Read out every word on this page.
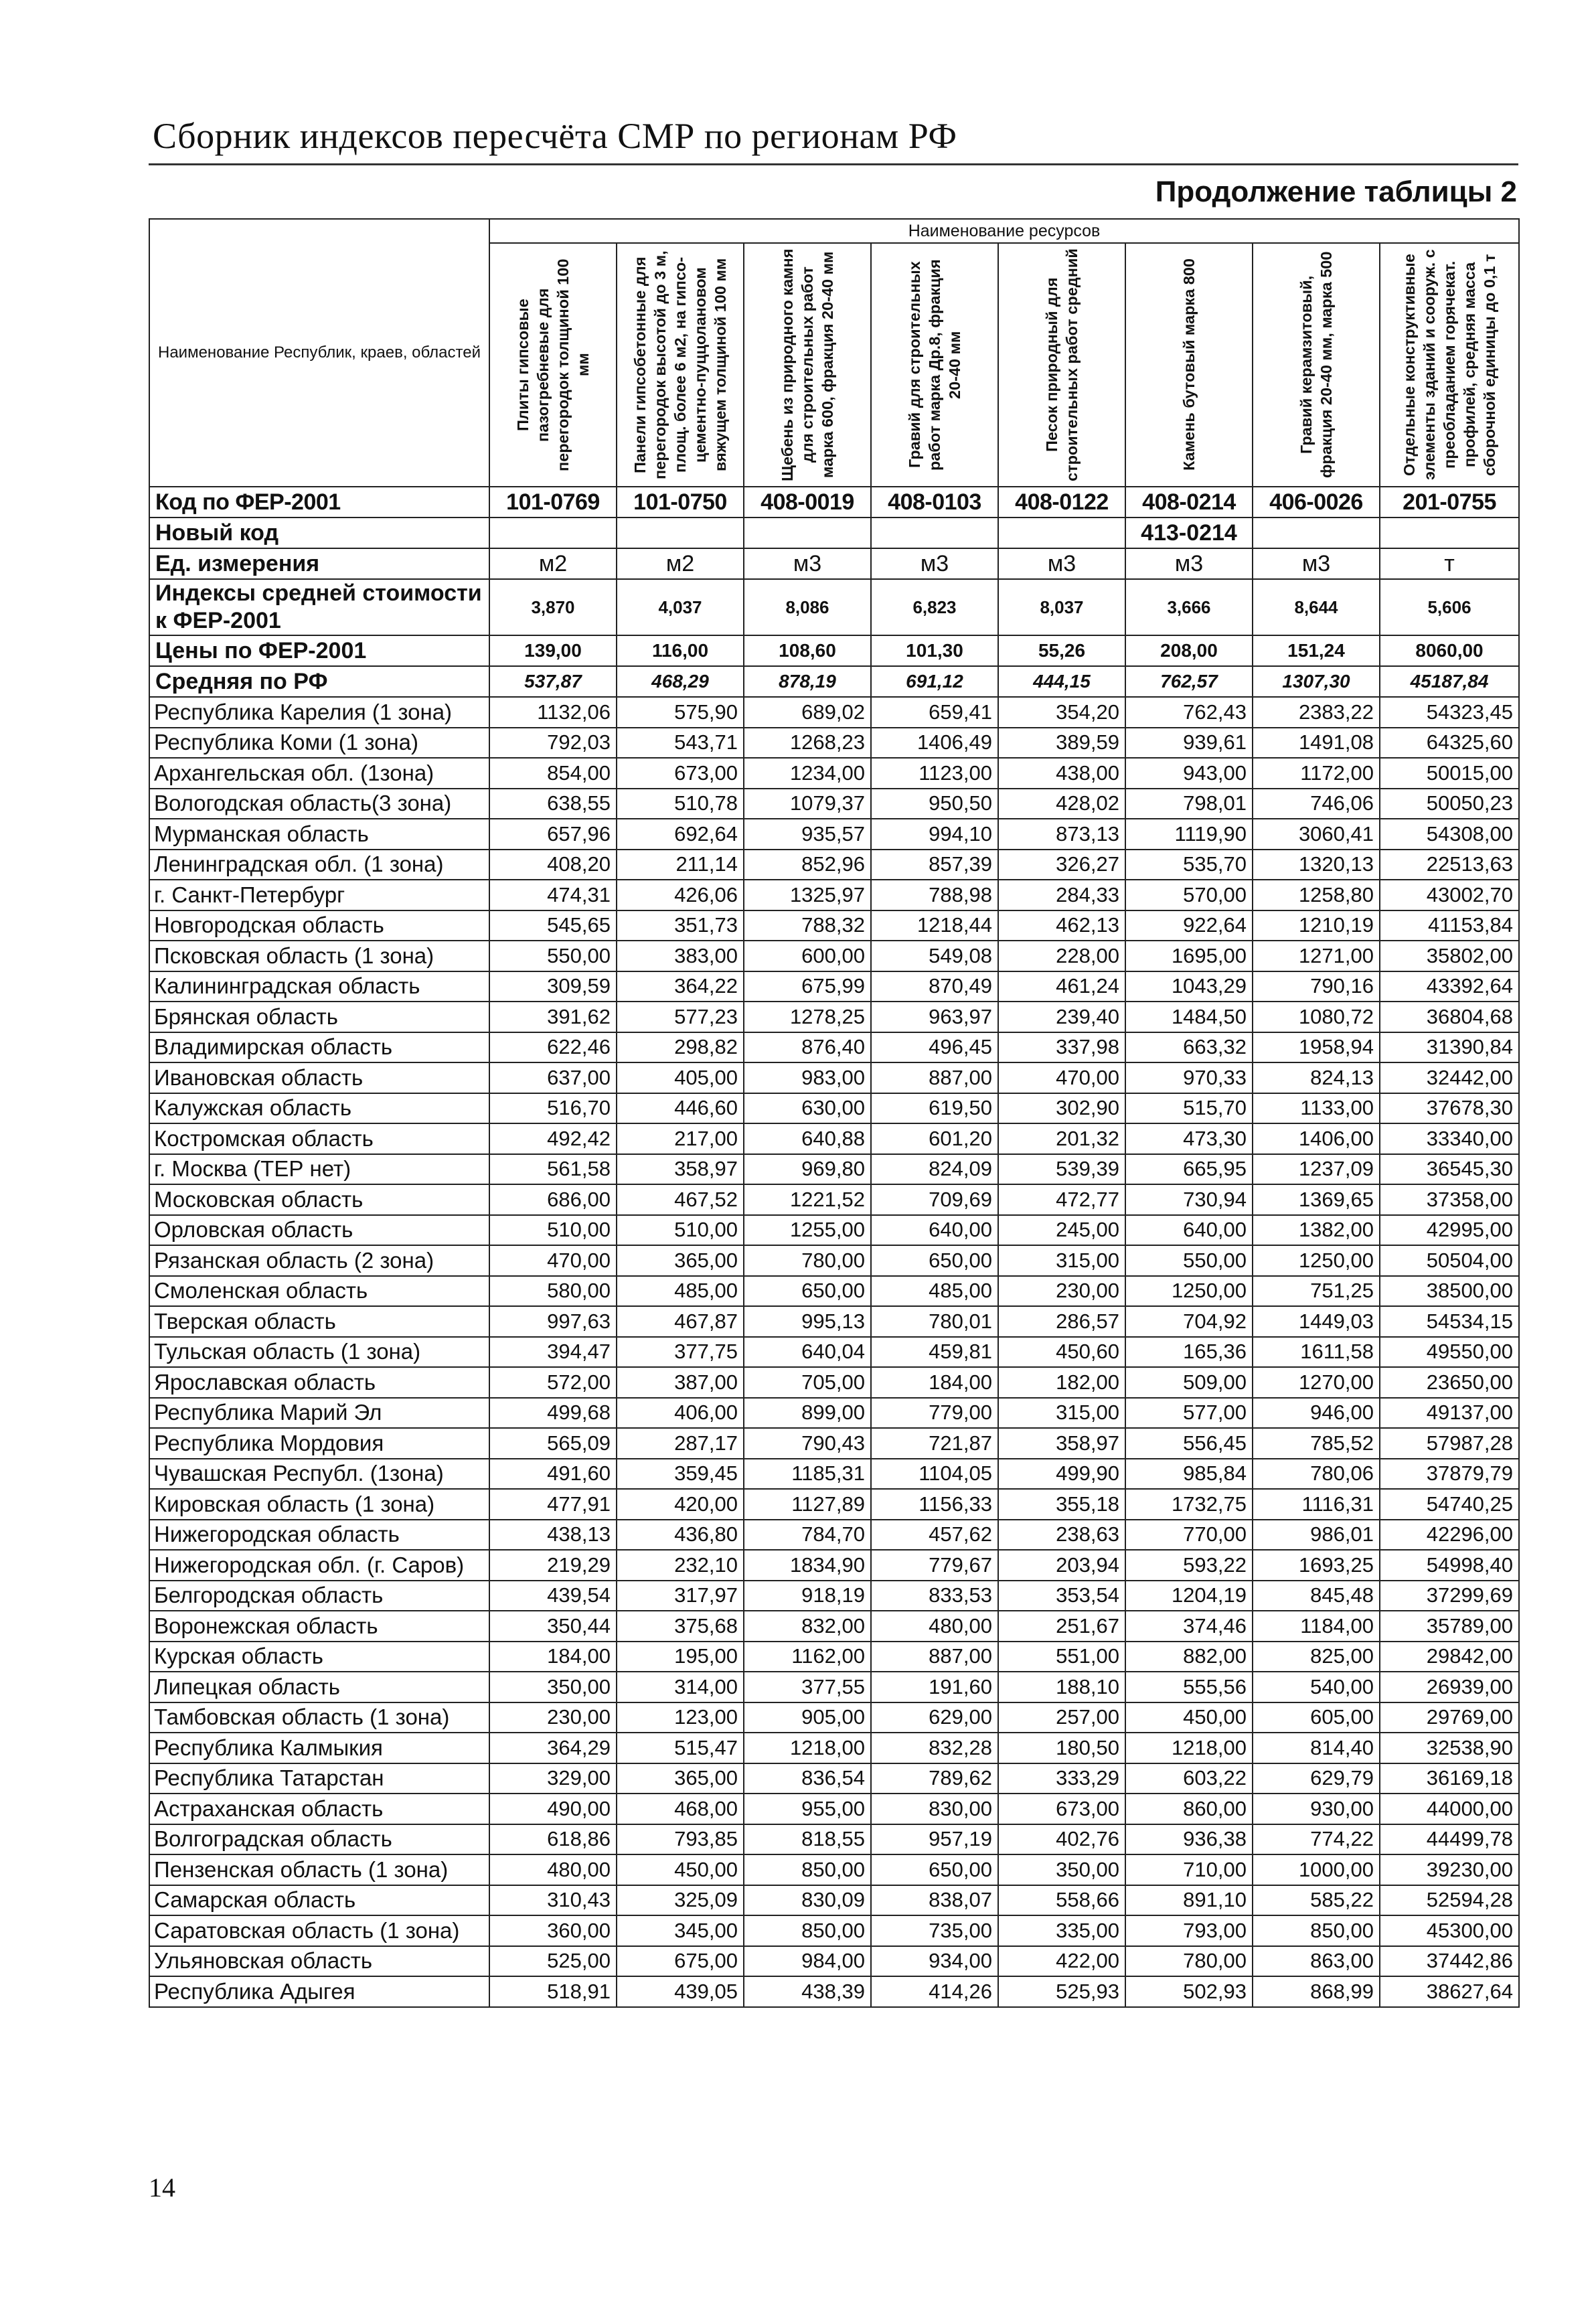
Сборник индексов пересчёта СМР по регионам РФ
Продолжение таблицы 2
Наименование Республик, краев, областей	Наименование ресурсов							

	Плиты гипсовые пазогребневые для перегородок толщиной 100 мм	Панели гипсобетонные для перегородок высотой до 3 м, площ. более 6 м2, на гипсо-цементно-пуццолановом вяжущем толщиной 100 мм	Щебень из природного камня для строительных работ марка 600, фракция 20-40 мм	Гравий для строительных работ марка Др.8, фракция 20-40 мм	Песок природный для строительных работ средний	Камень бутовый марка 800	Гравий керамзитовый, фракция 20-40 мм, марка 500	Отдельные конструктивные элементы зданий и сооруж. с преобладанием горячекат. профилей, средняя масса сборочной единицы до 0,1 т

Код по ФЕР-2001	101-0769	101-0750	408-0019	408-0103	408-0122	408-0214	406-0026	201-0755
Новый код						413-0214		
Ед. измерения	м2	м2	м3	м3	м3	м3	м3	т
Индексы средней стоимости к ФЕР-2001	3,870	4,037	8,086	6,823	8,037	3,666	8,644	5,606
Цены по ФЕР-2001	139,00	116,00	108,60	101,30	55,26	208,00	151,24	8060,00
Средняя по РФ	537,87	468,29	878,19	691,12	444,15	762,57	1307,30	45187,84
Республика Карелия (1 зона)	1132,06	575,90	689,02	659,41	354,20	762,43	2383,22	54323,45
Республика Коми (1 зона)	792,03	543,71	1268,23	1406,49	389,59	939,61	1491,08	64325,60
Архангельская обл. (1зона)	854,00	673,00	1234,00	1123,00	438,00	943,00	1172,00	50015,00
Вологодская область(3 зона)	638,55	510,78	1079,37	950,50	428,02	798,01	746,06	50050,23
Мурманская область	657,96	692,64	935,57	994,10	873,13	1119,90	3060,41	54308,00
Ленинградская обл. (1 зона)	408,20	211,14	852,96	857,39	326,27	535,70	1320,13	22513,63
г. Санкт-Петербург	474,31	426,06	1325,97	788,98	284,33	570,00	1258,80	43002,70
Новгородская область	545,65	351,73	788,32	1218,44	462,13	922,64	1210,19	41153,84
Псковская область (1 зона)	550,00	383,00	600,00	549,08	228,00	1695,00	1271,00	35802,00
Калининградская область	309,59	364,22	675,99	870,49	461,24	1043,29	790,16	43392,64
Брянская область	391,62	577,23	1278,25	963,97	239,40	1484,50	1080,72	36804,68
Владимирская область	622,46	298,82	876,40	496,45	337,98	663,32	1958,94	31390,84
Ивановская область	637,00	405,00	983,00	887,00	470,00	970,33	824,13	32442,00
Калужская область	516,70	446,60	630,00	619,50	302,90	515,70	1133,00	37678,30
Костромская область	492,42	217,00	640,88	601,20	201,32	473,30	1406,00	33340,00
г. Москва (ТЕР нет)	561,58	358,97	969,80	824,09	539,39	665,95	1237,09	36545,30
Московская область	686,00	467,52	1221,52	709,69	472,77	730,94	1369,65	37358,00
Орловская область	510,00	510,00	1255,00	640,00	245,00	640,00	1382,00	42995,00
Рязанская область (2 зона)	470,00	365,00	780,00	650,00	315,00	550,00	1250,00	50504,00
Смоленская область	580,00	485,00	650,00	485,00	230,00	1250,00	751,25	38500,00
Тверская область	997,63	467,87	995,13	780,01	286,57	704,92	1449,03	54534,15
Тульская область (1 зона)	394,47	377,75	640,04	459,81	450,60	165,36	1611,58	49550,00
Ярославская область	572,00	387,00	705,00	184,00	182,00	509,00	1270,00	23650,00
Республика Марий Эл	499,68	406,00	899,00	779,00	315,00	577,00	946,00	49137,00
Республика Мордовия	565,09	287,17	790,43	721,87	358,97	556,45	785,52	57987,28
Чувашская Республ. (1зона)	491,60	359,45	1185,31	1104,05	499,90	985,84	780,06	37879,79
Кировская область (1 зона)	477,91	420,00	1127,89	1156,33	355,18	1732,75	1116,31	54740,25
Нижегородская область	438,13	436,80	784,70	457,62	238,63	770,00	986,01	42296,00
Нижегородская обл. (г. Саров)	219,29	232,10	1834,90	779,67	203,94	593,22	1693,25	54998,40
Белгородская область	439,54	317,97	918,19	833,53	353,54	1204,19	845,48	37299,69
Воронежская область	350,44	375,68	832,00	480,00	251,67	374,46	1184,00	35789,00
Курская область	184,00	195,00	1162,00	887,00	551,00	882,00	825,00	29842,00
Липецкая область	350,00	314,00	377,55	191,60	188,10	555,56	540,00	26939,00
Тамбовская область (1 зона)	230,00	123,00	905,00	629,00	257,00	450,00	605,00	29769,00
Республика Калмыкия	364,29	515,47	1218,00	832,28	180,50	1218,00	814,40	32538,90
Республика Татарстан	329,00	365,00	836,54	789,62	333,29	603,22	629,79	36169,18
Астраханская область	490,00	468,00	955,00	830,00	673,00	860,00	930,00	44000,00
Волгоградская область	618,86	793,85	818,55	957,19	402,76	936,38	774,22	44499,78
Пензенская область (1 зона)	480,00	450,00	850,00	650,00	350,00	710,00	1000,00	39230,00
Самарская область	310,43	325,09	830,09	838,07	558,66	891,10	585,22	52594,28
Саратовская область (1 зона)	360,00	345,00	850,00	735,00	335,00	793,00	850,00	45300,00
Ульяновская область	525,00	675,00	984,00	934,00	422,00	780,00	863,00	37442,86
Республика Адыгея	518,91	439,05	438,39	414,26	525,93	502,93	868,99	38627,64
14
